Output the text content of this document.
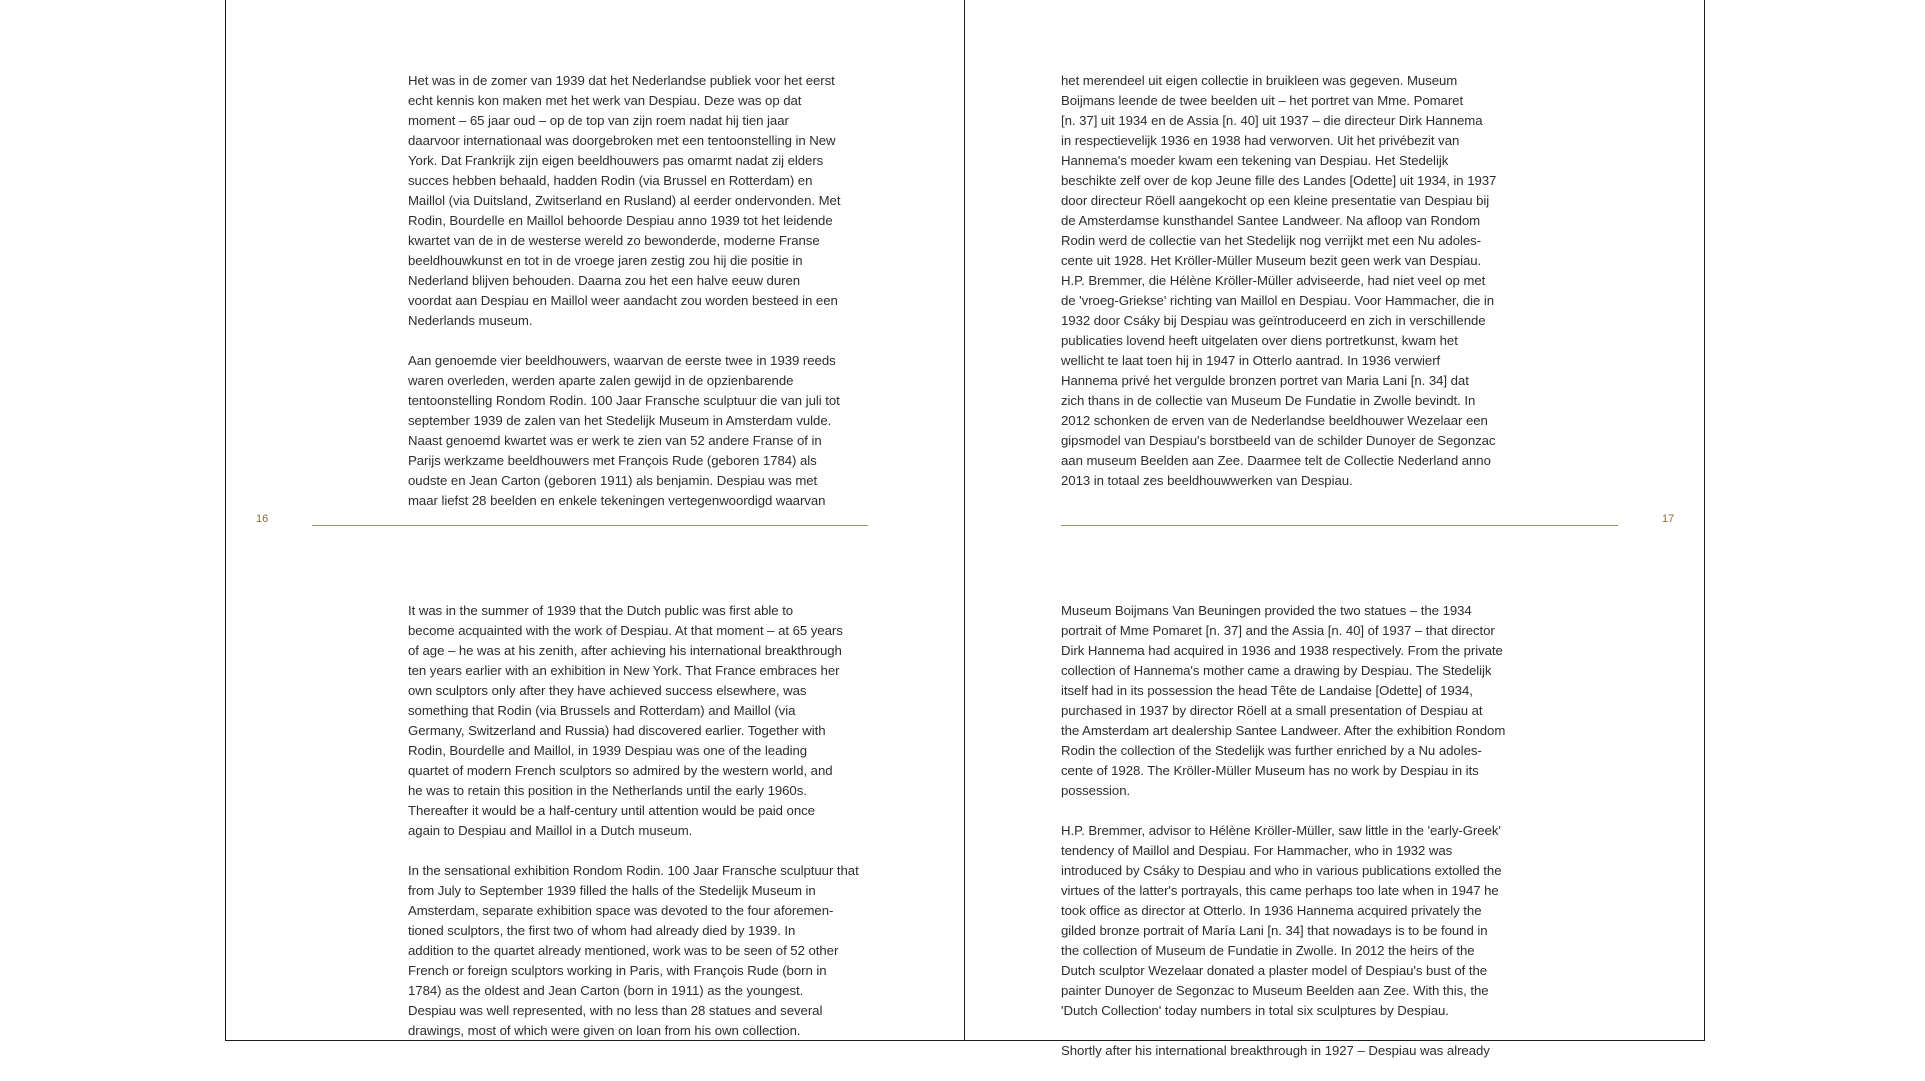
Het was in de zomer van 1939 dat het Nederlandse publiek voor het eerst
echt kennis kon maken met het werk van Despiau. Deze was op dat
moment – 65 jaar oud – op de top van zijn roem nadat hij tien jaar
daarvoor internationaal was doorgebroken met een tentoonstelling in New
York. Dat Frankrijk zijn eigen beeldhouwers pas omarmt nadat zij elders
succes hebben behaald, hadden Rodin (via Brussel en Rotterdam) en
Maillol (via Duitsland, Zwitserland en Rusland) al eerder ondervonden. Met
Rodin, Bourdelle en Maillol behoorde Despiau anno 1939 tot het leidende
kwartet van de in de westerse wereld zo bewonderde, moderne Franse
beeldhouwkunst en tot in de vroege jaren zestig zou hij die positie in
Nederland blijven behouden. Daarna zou het een halve eeuw duren
voordat aan Despiau en Maillol weer aandacht zou worden besteed in een
Nederlands museum.

Aan genoemde vier beeldhouwers, waarvan de eerste twee in 1939 reeds
waren overleden, werden aparte zalen gewijd in de opzienbarende
tentoonstelling Rondom Rodin. 100 Jaar Fransche sculptuur die van juli tot
september 1939 de zalen van het Stedelijk Museum in Amsterdam vulde.
Naast genoemd kwartet was er werk te zien van 52 andere Franse of in
Parijs werkzame beeldhouwers met François Rude (geboren 1784) als
oudste en Jean Carton (geboren 1911) als benjamin. Despiau was met
maar liefst 28 beelden en enkele tekeningen vertegenwoordigd waarvan

het merendeel uit eigen collectie in bruikleen was gegeven. Museum
Boijmans leende de twee beelden uit – het portret van Mme. Pomaret
[n. 37] uit 1934 en de Assia [n. 40] uit 1937 – die directeur Dirk Hannema
in respectievelijk 1936 en 1938 had verworven. Uit het privébezit van
Hannema's moeder kwam een tekening van Despiau. Het Stedelijk
beschikte zelf over de kop Jeune fille des Landes [Odette] uit 1934, in 1937
door directeur Röell aangekocht op een kleine presentatie van Despiau bij
de Amsterdamse kunsthandel Santee Landweer. Na afloop van Rondom
Rodin werd de collectie van het Stedelijk nog verrijkt met een Nu adoles-
cente uit 1928. Het Kröller-Müller Museum bezit geen werk van Despiau.
H.P. Bremmer, die Hélène Kröller-Müller adviseerde, had niet veel op met
de 'vroeg-Griekse' richting van Maillol en Despiau. Voor Hammacher, die in
1932 door Csáky bij Despiau was geïntroduceerd en zich in verschillende
publicaties lovend heeft uitgelaten over diens portretkunst, kwam het
wellicht te laat toen hij in 1947 in Otterlo aantrad. In 1936 verwierf
Hannema privé het vergulde bronzen portret van Maria Lani [n. 34] dat
zich thans in de collectie van Museum De Fundatie in Zwolle bevindt. In
2012 schonken de erven van de Nederlandse beeldhouwer Wezelaar een
gipsmodel van Despiau's borstbeeld van de schilder Dunoyer de Segonzac
aan museum Beelden aan Zee. Daarmee telt de Collectie Nederland anno
2013 in totaal zes beeldhouwwerken van Despiau.

16	17

It was in the summer of 1939 that the Dutch public was first able to
become acquainted with the work of Despiau. At that moment – at 65 years
of age – he was at his zenith, after achieving his international breakthrough
ten years earlier with an exhibition in New York. That France embraces her
own sculptors only after they have achieved success elsewhere, was
something that Rodin (via Brussels and Rotterdam) and Maillol (via
Germany, Switzerland and Russia) had discovered earlier. Together with
Rodin, Bourdelle and Maillol, in 1939 Despiau was one of the leading
quartet of modern French sculptors so admired by the western world, and
he was to retain this position in the Netherlands until the early 1960s.
Thereafter it would be a half-century until attention would be paid once
again to Despiau and Maillol in a Dutch museum.

In the sensational exhibition Rondom Rodin. 100 Jaar Fransche sculptuur that
from July to September 1939 filled the halls of the Stedelijk Museum in
Amsterdam, separate exhibition space was devoted to the four aforemen-
tioned sculptors, the first two of whom had already died by 1939. In
addition to the quartet already mentioned, work was to be seen of 52 other
French or foreign sculptors working in Paris, with François Rude (born in
1784) as the oldest and Jean Carton (born in 1911) as the youngest.
Despiau was well represented, with no less than 28 statues and several
drawings, most of which were given on loan from his own collection.

Museum Boijmans Van Beuningen provided the two statues – the 1934
portrait of Mme Pomaret [n. 37] and the Assia [n. 40] of 1937 – that director
Dirk Hannema had acquired in 1936 and 1938 respectively. From the private
collection of Hannema's mother came a drawing by Despiau. The Stedelijk
itself had in its possession the head Tête de Landaise [Odette] of 1934,
purchased in 1937 by director Röell at a small presentation of Despiau at
the Amsterdam art dealership Santee Landweer. After the exhibition Rondom
Rodin the collection of the Stedelijk was further enriched by a Nu adoles-
cente of 1928. The Kröller-Müller Museum has no work by Despiau in its
possession.

H.P. Bremmer, advisor to Hélène Kröller-Müller, saw little in the 'early-Greek'
tendency of Maillol and Despiau. For Hammacher, who in 1932 was
introduced by Csáky to Despiau and who in various publications extolled the
virtues of the latter's portrayals, this came perhaps too late when in 1947 he
took office as director at Otterlo. In 1936 Hannema acquired privately the
gilded bronze portrait of María Lani [n. 34] that nowadays is to be found in
the collection of Museum de Fundatie in Zwolle. In 2012 the heirs of the
Dutch sculptor Wezelaar donated a plaster model of Despiau's bust of the
painter Dunoyer de Segonzac to Museum Beelden aan Zee. With this, the
'Dutch Collection' today numbers in total six sculptures by Despiau.

Shortly after his international breakthrough in 1927 – Despiau was already
